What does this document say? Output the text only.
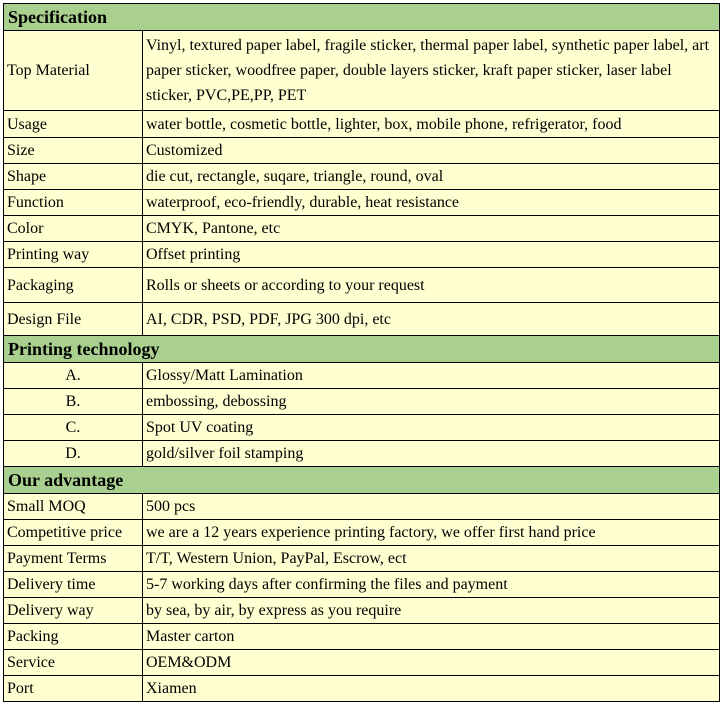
Specification	
Top Material	Vinyl, textured paper label, fragile sticker, thermal paper label, synthetic paper label, art paper sticker, woodfree paper, double layers sticker, kraft paper sticker, laser label sticker, PVC,PE,PP, PET
Usage	water bottle, cosmetic bottle, lighter, box, mobile phone, refrigerator, food
Size	Customized
Shape	die cut, rectangle, suqare, triangle, round, oval
Function	waterproof, eco-friendly, durable, heat resistance
Color	CMYK, Pantone, etc
Printing way	Offset printing
Packaging	Rolls or sheets or according to your request
Design File	AI, CDR, PSD, PDF, JPG 300 dpi, etc
Printing technology	
A.	Glossy/Matt Lamination
B.	embossing, debossing
C.	Spot UV coating
D.	gold/silver foil stamping
Our advantage	
Small MOQ	500 pcs
Competitive price	we are a 12 years experience printing factory, we offer first hand price
Payment Terms	T/T, Western Union, PayPal, Escrow, ect
Delivery time	5-7 working days after confirming the files and payment
Delivery way	by sea, by air, by express as you require
Packing	Master carton
Service	OEM&ODM
Port	Xiamen
